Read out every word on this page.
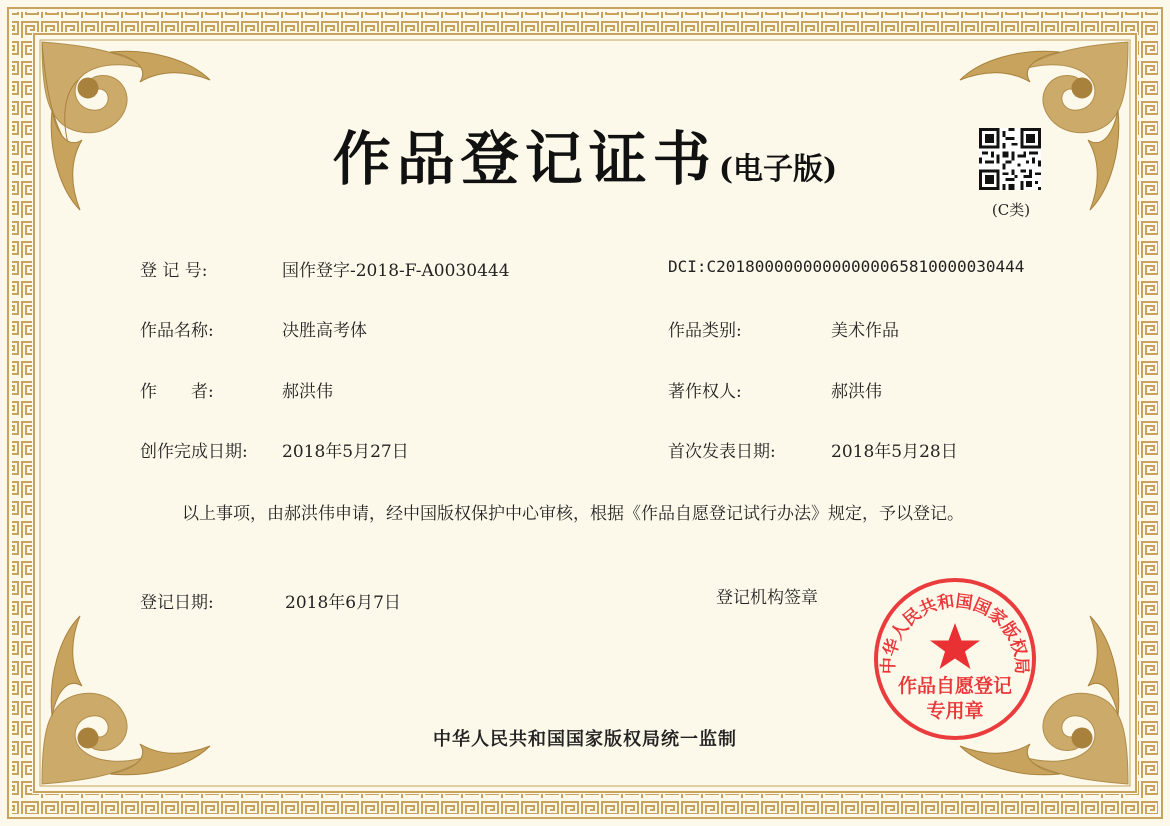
作品登记证书(电子版)
(C类)
登 记 号:	国作登字-2018-F-A0030444	DCI:C20180000000000000065810000030444
作品名称:	决胜高考体	作品类别:	美术作品
作　　者:	郝洪伟	著作权人:	郝洪伟
创作完成日期: 2018年5月27日	首次发表日期:	2018年5月28日
以上事项，由郝洪伟申请，经中国版权保护中心审核，根据《作品自愿登记试行办法》规定，予以登记。
登记日期:	2018年6月7日	登记机构签章
中华人民共和国国家版权局
作品自愿登记
专用章
中华人民共和国国家版权局统一监制
